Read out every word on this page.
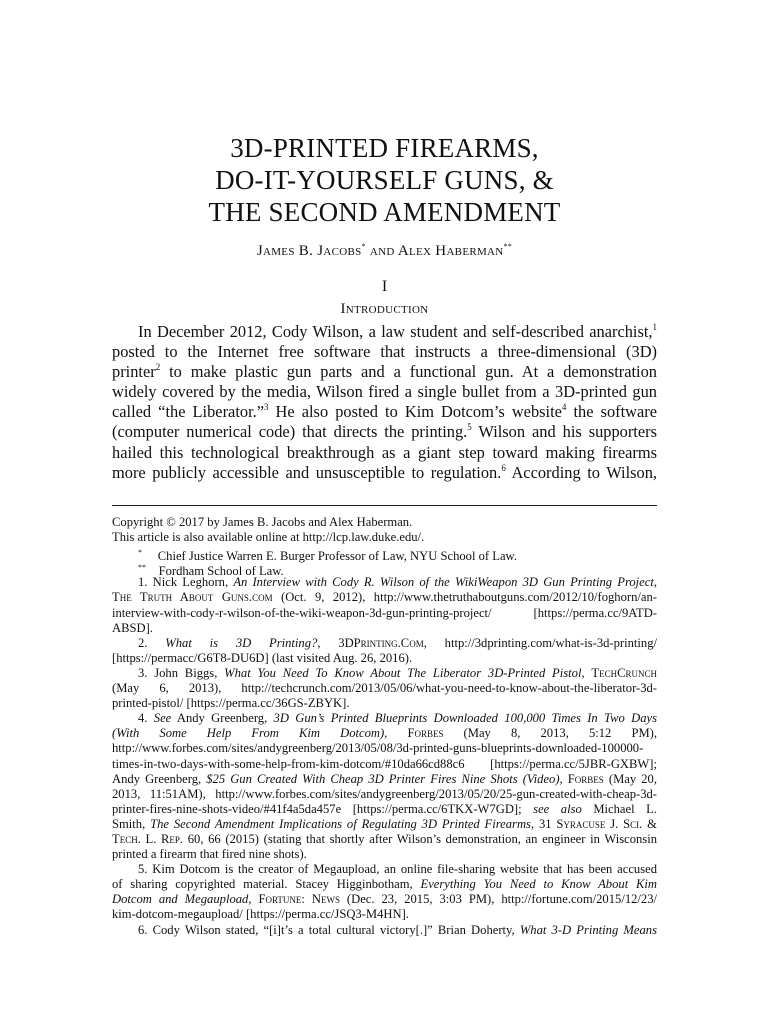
3D-PRINTED FIREARMS,
DO-IT-YOURSELF GUNS, &
THE SECOND AMENDMENT
James B. Jacobs* and Alex Haberman**
I
Introduction
In December 2012, Cody Wilson, a law student and self-described anarchist,$^1$
posted to the Internet free software that instructs a three-dimensional (3D)
printer$^2$ to make plastic gun parts and a functional gun. At a demonstration
widely covered by the media, Wilson fired a single bullet from a 3D-printed gun
called “the Liberator.”$^3$ He also posted to Kim Dotcom’s website$^4$ the software
(computer numerical code) that directs the printing.$^5$ Wilson and his supporters
hailed this technological breakthrough as a giant step toward making firearms
more publicly accessible and unsusceptible to regulation.$^6$ According to Wilson,
Copyright © 2017 by James B. Jacobs and Alex Haberman.
This article is also available online at http://lcp.law.duke.edu/.
* Chief Justice Warren E. Burger Professor of Law, NYU School of Law.
** Fordham School of Law.
1. Nick Leghorn, An Interview with Cody R. Wilson of the WikiWeapon 3D Gun Printing Project,
The Truth About Guns.com (Oct. 9, 2012), http://www.thetruthaboutguns.com/2012/10/foghorn/an-
interview-with-cody-r-wilson-of-the-wiki-weapon-3d-gun-printing-project/ [https://perma.cc/9ATD-
ABSD].
2. What is 3D Printing?, 3DPrinting.Com, http://3dprinting.com/what-is-3d-printing/
[https://permacc/G6T8-DU6D] (last visited Aug. 26, 2016).
3. John Biggs, What You Need To Know About The Liberator 3D-Printed Pistol, TechCrunch
(May 6, 2013), http://techcrunch.com/2013/05/06/what-you-need-to-know-about-the-liberator-3d-
printed-pistol/ [https://perma.cc/36GS-ZBYK].
4. See Andy Greenberg, 3D Gun’s Printed Blueprints Downloaded 100,000 Times In Two Days
(With Some Help From Kim Dotcom), Forbes (May 8, 2013, 5:12 PM),
http://www.forbes.com/sites/andygreenberg/2013/05/08/3d-printed-guns-blueprints-downloaded-100000-
times-in-two-days-with-some-help-from-kim-dotcom/#10da66cd88c6 [https://perma.cc/5JBR-GXBW];
Andy Greenberg, $25 Gun Created With Cheap 3D Printer Fires Nine Shots (Video), Forbes (May 20,
2013, 11:51AM), http://www.forbes.com/sites/andygreenberg/2013/05/20/25-gun-created-with-cheap-3d-
printer-fires-nine-shots-video/#41f4a5da457e [https://perma.cc/6TKX-W7GD]; see also Michael L.
Smith, The Second Amendment Implications of Regulating 3D Printed Firearms, 31 Syracuse J. Sci. &
Tech. L. Rep. 60, 66 (2015) (stating that shortly after Wilson’s demonstration, an engineer in Wisconsin
printed a firearm that fired nine shots).
5. Kim Dotcom is the creator of Megaupload, an online file-sharing website that has been accused
of sharing copyrighted material. Stacey Higginbotham, Everything You Need to Know About Kim
Dotcom and Megaupload, Fortune: News (Dec. 23, 2015, 3:03 PM), http://fortune.com/2015/12/23/
kim-dotcom-megaupload/ [https://perma.cc/JSQ3-M4HN].
6. Cody Wilson stated, “[i]t’s a total cultural victory[.]” Brian Doherty, What 3-D Printing Means
